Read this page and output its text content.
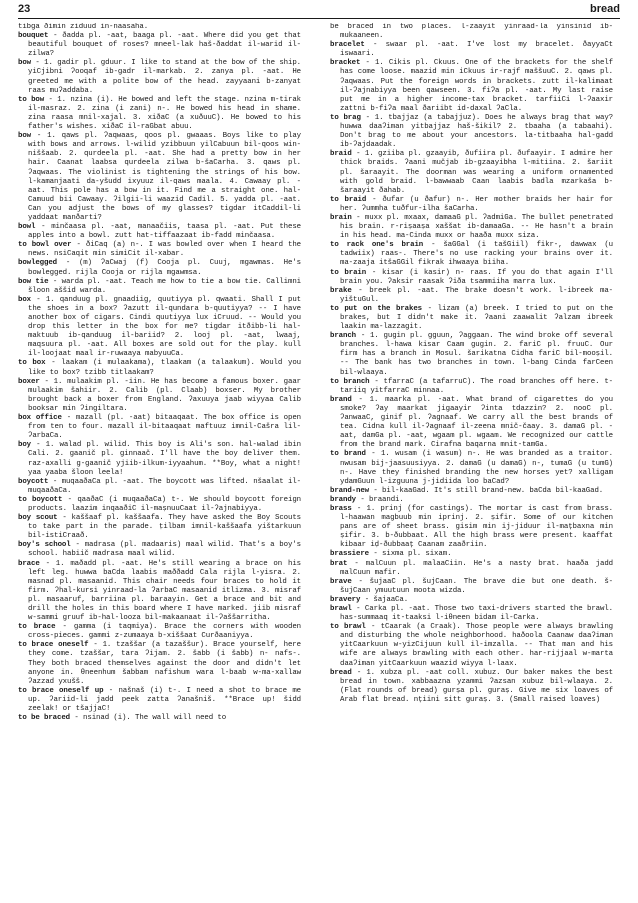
23	bread

tibga ðimin ziduud in-naasaha.

bouquet - ðadda pl. -aat, baaga pl. -aat. Where did you get that beautiful bouquet of roses? mneel-lak haš-ðaddat il-warid il-zilwa?

bow - 1. gadir pl. gduur. I like to stand at the bow of the ship. yiCjibni ʔooqaf ib-gadr il-markab. 2. zanya pl. -aat. He greeted me with a polite bow of the head. zayyaani b-zanyat raas muʔaddaba.

to bow - 1. nzina (i). He bowed and left the stage. nzina m-tirak il-masraz. 2. zina (i zani) n-. He bowed his head in shame. zina raasa mnil-xajal. 3. xiðaC (a xuðuuC). He bowed to his father's wishes. xiðaC il-raGbat abuu.

bow - 1. qaws pl. ʔaqwaas, qoos pl. gwaaas. Boys like to play with bows and arrows. l-wilid yzibbuun yilCabuun bil-qoos win-niššaab. 2. qurdeela pl. -aat. She had a pretty bow in her hair. Caanat laabsa qurdeela zilwa b-šaCarha. 3. qaws pl. ʔaqwaas. The violinist is tightening the strings of his bow. l-kamanjaati da-yšudd ixyuuz il-qaws maala. 4. Cawaay pl. -aat. This pole has a bow in it. Find me a straight one. hal-Camuud bii Cawaay. ʔilgii-li waazid Cadil. 5. yadda pl. -aat. Can you adjust the bows of my glasses? tigdar itCaddil-li yaddaat manðarti?

bowl - minčaasa pl. -aat, manaačiis, taasa pl. -aat. Put these apples into a bowl. zutt hat-tiffaazaat ib-fadd minčaasa.

to bowl over - ðiCaq (a) n-. I was bowled over when I heard the news. nsiCaqit min simiCit il-xabar.

bowlegged - (m) ʔaCwaj (f) Cooja pl. Cuuj, mgawmas. He's bowlegged. rijla Cooja or rijla mgawmsa.

bow tie - warda pl. -aat. Teach me how to tie a bow tie. Callimni šloon aššid warda.

box - 1. qanduug pl. gnaadiig, quutiyya pl. qwaati. Shall I put the shoes in a box? ʔazutt il-qundara b-quutiyya? -- I have another box of cigars. Cindi quutiyya lux iCruud. -- Would you drop this letter in the box for me? tigdar itðibb-li hal-maktuub ib-qanduug il-bariid? 2. looj pl. -aat, lwaaj, maqsuura pl. -aat. All boxes are sold out for the play. kull il-loojaat maal ir-ruwaaya mabyuuCa.

to box - laakam (i mulaakama), tlaakam (a talaakum). Would you like to box? tzibb titlaakam?

boxer - 1. mulaakim pl. -iin. He has become a famous boxer. gaar mulaakim šahiir. 2. Calib (pl. Claab) boxser. My brother brought back a boxer from England. ʔaxuuya jaab wiyyaa Calib booksar min ʔingiltara.

box office - mazall (pl. -aat) bitaaqaat. The box office is open from ten to four. mazall il-bitaaqaat maftuuz imnil-Cašra lil-ʔarbaCa.

boy - 1. walad pl. wilid. This boy is Ali's son. hal-walad ibin Cali. 2. gaanič pl. ginnaač. I'll have the boy deliver them. raz-axalli g-gaanič yjiib-ilkum-iyyaahum. **Boy, what a night! yaa yaaba šloon leela!

boycott - muqaaðaCa pl. -aat. The boycott was lifted. nšaalat il-muqaaðaCa.

to boycott - qaaðaC (i muqaaðaCa) t-. We should boycott foreign products. laazim inqaaðiC il-maṣnuuCaat il-ʔajnabiyya.

boy scout - kaššaaf pl. kaššaafa. They have asked the Boy Scouts to take part in the parade. ṭilbam imnil-kaššaafa yištarkuun bil-istiCraað.

boy's school - madrasa (pl. madaaris) maal wilid. That's a boy's school. habiič madrasa maal wilid.

brace - 1. maðadd pl. -aat. He's still wearing a brace on his left leg. huwwa baCda laabis maððadd Cala rijla l-yisra. 2. masnad pl. masaanid. This chair needs four braces to hold it firm. ʔhal-kursi yinraad-la ʔarbaC masaanid itlizma. 3. misraf pl. masaaruf, barriina pl. baraayin. Get a brace and bit and drill the holes in this board where I have marked. jiib misraf w-sammi gruuf ib-hal-looza bil-makaanaat il-ʔaššarritha.

to brace - gamma (i taqmiya). Brace the corners with wooden cross-pieces. gammi z-zumaaya b-xiššaat Curðaaniyya.

to brace oneself - 1. tzaššar (a tazaššur). Brace yourself, here they come. tzaššar, tara ʔijam. 2. šabb (i šabb) n- nafs-. They both braced themselves against the door and didn't let anyone in. θneenhum šabbam nafishum wara l-baab w-ma-xallaw ʔazzad yxušš.

to brace oneself up - našnaš (i) t-. I need a shot to brace me up. ʔariid-li jadd peek zatta ʔanašniš. **Brace up! šidd zeelak! or tšajjaC!

to be braced - nsinad (i). The wall will need to

be braced in two places. l-zaayit yinraad-la yinsinid ib-mukaaneen.

bracelet - swaar pl. -aat. I've lost my bracelet. ðayyaCt iswaari.

bracket - 1. Cikis pl. Ckuus. One of the brackets for the shelf has come loose. maazid min iCkuus ir-rajf maššuuC. 2. qaws pl. ʔaqwaas. Put the foreign words in brackets. zutt il-kalimaat il-ʔajnabiyya been qawseen. 3. fiʔa pl. -aat. My last raise put me in a higher income-tax bracket. tarfiiCi l-ʔaaxir zattni b-fiʔa maal ðariibt id-daxal ʔaCla.

to brag - 1. tbajjaz (a tabajjuz). Does he always brag that way? huwwa daaʔiman yitbajjaz haš-šikil? 2. tbaaha (a tabaahi). Don't brag to me about your ancestors. la-titbaaha hal-gadd ib-ʔajdaadak.

braid - 1. gziiba pl. gzaayib, ðufiira pl. ðufaayir. I admire her thick braids. ʔaani mučjab ib-gzaayibha l-mitiina. 2. šariit pl. šaraayit. The doorman was wearing a uniform ornamented with gold braid. l-bawwaab Caan laabis badla mzarkaša b-šaraayit ðahab.

to braid - ðufar (u ðafur) n-. Her mother braids her hair for her. ʔummha tuðfur-ilha šaCarha.

brain - muxx pl. mxaax, damaaG pl. ʔadmiGa. The bullet penetrated his brain. r-riṣaaṣa xaššat ib-damaaGa. -- He hasn't a brain in his head. ma-Cinda muxx or haaða muxx siza.

to rack one's brain - šaGGal (i tašGiil) fikr-, dawwax (u tadwiix) raas-. There's no use racking your brains over it. ma-zaaja itšaGGil fikrak ihwaaya biiha.

to brain - kisar (i kasir) n- raas. If you do that again I'll brain you. ʔaksir raasak ʔiða tsammiiha marra lux.

brake - breek pl. -aat. The brake doesn't work. l-ibreek ma-yištuGul.

to put on the brakes - lizam (a) breek. I tried to put on the brakes, but I didn't make it. ʔaani zaawalit ʔalzam ibreek laakin ma-lazzagit.

branch - 1. gugin pl. gguun, ʔaggaan. The wind broke off several branches. l-hawa kisar Caam gugin. 2. fariC pl. fruuC. Our firm has a branch in Mosul. šarikatna Cidha fariC bil-mooṣil. -- The bank has two branches in town. l-bang Cinda farCeen bil-wlaaya.

to branch - tfarraC (a tafarruC). The road branches off here. t-tariiq yitfarraC minnaa.

brand - 1. maarka pl. -aat. What brand of cigarettes do you smoke? ʔay maarkat jigaayir ʔinta tdazzin? 2. nooC pl. ʔanwaaC, ginif pl. ʔagnaaf. We carry all the best brands of tea. Cidna kull il-ʔagnaaf il-zeena mnič-čaay. 3. damaG pl. -aat, damGa pl. -aat, wgaam pl. wgaam. We recognized our cattle from the brand mark. Cirafna baqarna mnit-tamGa.

to brand - 1. wusam (i wasum) n-. He was branded as a traitor. nwusam bij-jaasuusiyya. 2. damaG (u damaG) n-, tumaG (u tumG) n-. Have they finished branding the new horses yet? xalligam ydamGuun l-izguuna j-jidiida loo baCad?

brand-new - bil-kaaGad. It's still brand-new. baCda bil-kaaGad.

brandy - braandi.

brass - 1. prinj (for castings). The mortar is cast from brass. l-haawan magbuub min iprinj. 2. ṣifir. Some of our kitchen pans are of sheet brass. gisim min ij-jiduur il-mațbaxna min ṣifir. 3. b-ðubbaat. All the high brass were present. kaaffat kibaar iḍ-ðubbaaț Caanam zaaðriin.

brassiere - sixma pl. sixam.

brat - malCuun pl. malaaCiin. He's a nasty brat. haaða jadd malCuun mafir.

brave - šujaaC pl. šujCaan. The brave die but one death. š-šujCaan ymuutuun moota wizda.

bravery - šajaaCa.

brawl - Carka pl. -aat. Those two taxi-drivers started the brawl. has-summaaq it-taaksi l-iθneen bidam il-Carka.

to brawl - tCaarak (a Craak). Those people were always brawling and disturbing the whole neighborhood. haðoola Caanaw daaʔiman yitCaarkuun w-yizCijuun kull il-imzalla. -- That man and his wife are always brawling with each other. har-rijjaal w-marta daaʔiman yitCaarkuun waazid wiyya l-laax.

bread - 1. xubza pl. -aat coll. xubuz. Our baker makes the best bread in town. xabbaazna yzammi ʔazsan xubuz bil-wlaaya. 2. (Flat rounds of bread) gurṣa pl. guraṣ. Give me six loaves of Arab flat bread. nțiini sitt guraṣ. 3. (Small raised loaves)
